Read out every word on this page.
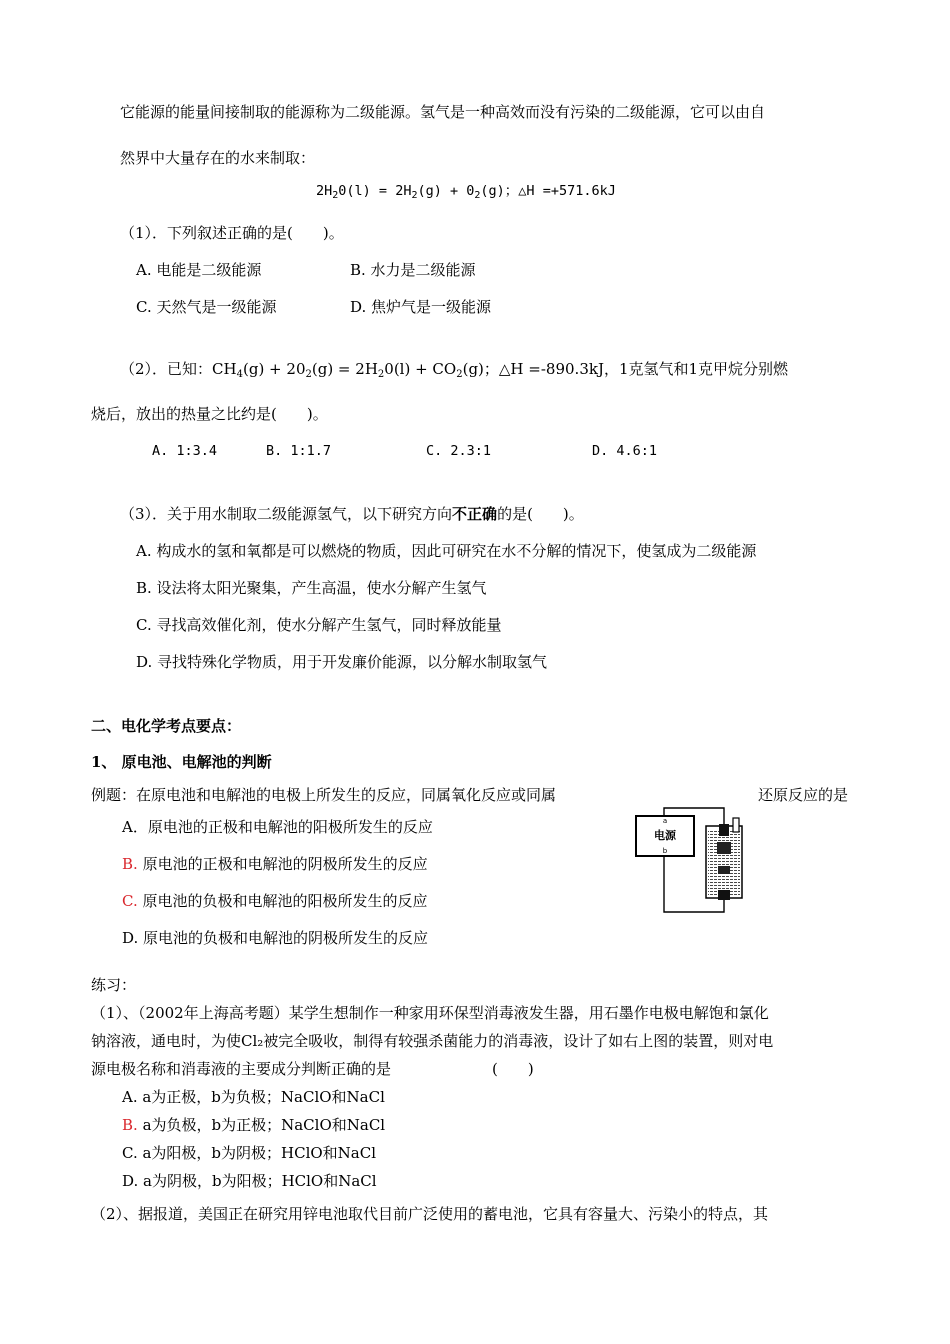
它能源的能量间接制取的能源称为二级能源。氢气是一种高效而没有污染的二级能源，它可以由自
然界中大量存在的水来制取：
$2H_20(l) = 2H_2(g) + 0_2(g)$；△H =+571.6kJ
（1）．下列叙述正确的是(　　)。
A. 电能是二级能源	B. 水力是二级能源
C. 天然气是一级能源	D. 焦炉气是一级能源
（2）．已知：$CH_4(g) + 20_2(g) = 2H_20(l) + CO_2(g)$；△H =-890.3kJ，1克氢气和1克甲烷分别燃
烧后，放出的热量之比约是(　　)。
A. 1:3.4	B. 1:1.7	C. 2.3:1	D. 4.6:1
（3）．关于用水制取二级能源氢气，以下研究方向不正确的是(　　)。
A. 构成水的氢和氧都是可以燃烧的物质，因此可研究在水不分解的情况下，使氢成为二级能源
B. 设法将太阳光聚集，产生高温，使水分解产生氢气
C. 寻找高效催化剂，使水分解产生氢气，同时释放能量
D. 寻找特殊化学物质，用于开发廉价能源，以分解水制取氢气
二、电化学考点要点：
1、 原电池、电解池的判断
例题：在原电池和电解池的电极上所发生的反应，同属氧化反应或同属	还原反应的是
A．原电池的正极和电解池的阳极所发生的反应
B. 原电池的正极和电解池的阴极所发生的反应
C. 原电池的负极和电解池的阳极所发生的反应
D. 原电池的负极和电解池的阴极所发生的反应
a
电源
b
练习：
（1）、（2002年上海高考题）某学生想制作一种家用环保型消毒液发生器，用石墨作电极电解饱和氯化
钠溶液，通电时，为使Cl₂被完全吸收，制得有较强杀菌能力的消毒液，设计了如右上图的装置，则对电
源电极名称和消毒液的主要成分判断正确的是	(　　)
A. a为正极，b为负极；NaClO和NaCl
B. a为负极，b为正极；NaClO和NaCl
C. a为阳极，b为阴极；HClO和NaCl
D. a为阴极，b为阳极；HClO和NaCl
（2）、据报道，美国正在研究用锌电池取代目前广泛使用的蓄电池，它具有容量大、污染小的特点，其
